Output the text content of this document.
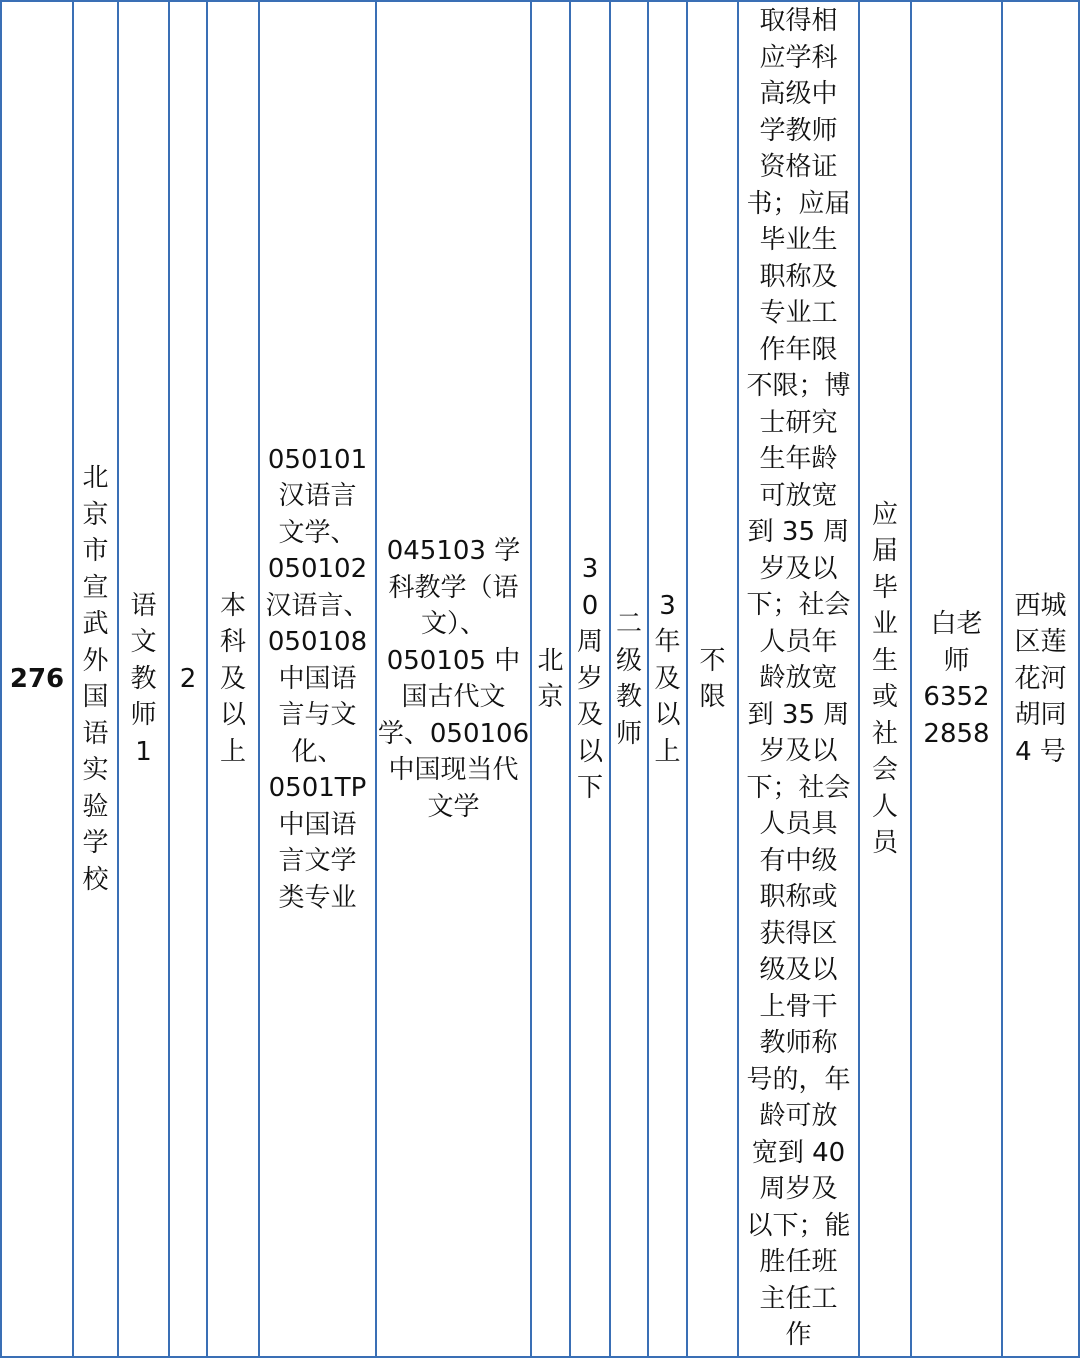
276
北
京
市
宣
武
外
国
语
实
验
学
校
语
文
教
师
1
2
本
科
及
以
上
050101
汉语言
文学、
050102
汉语言、
050108
中国语
言与文
化、
0501TP
中国语
言文学
类专业
045103 学
科教学（语
文）、
050105 中
国古代文
学、050106
中国现当代
文学
北
京
3
0
周
岁
及
以
下
二
级
教
师
3
年
及
以
上
不
限
取得相
应学科
高级中
学教师
资格证
书；应届
毕业生
职称及
专业工
作年限
不限；博
士研究
生年龄
可放宽
到 35 周
岁及以
下；社会
人员年
龄放宽
到 35 周
岁及以
下；社会
人员具
有中级
职称或
获得区
级及以
上骨干
教师称
号的，年
龄可放
宽到 40
周岁及
以下；能
胜任班
主任工
作
应
届
毕
业
生
或
社
会
人
员
白老
师
6352
2858
西城
区莲
花河
胡同
4 号
